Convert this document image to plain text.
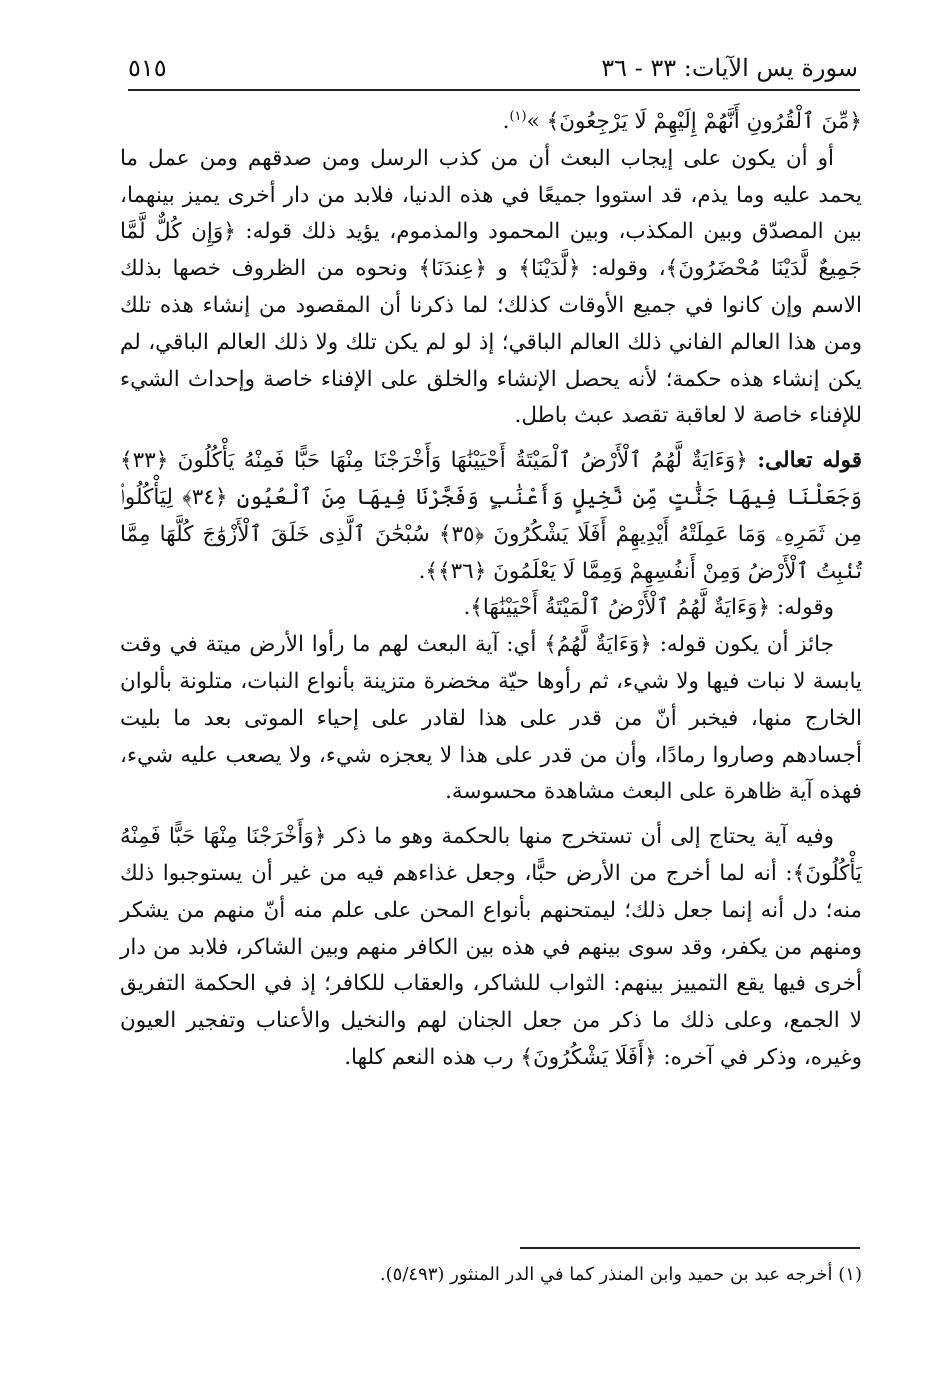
سورة يس الآيات: ٣٣ - ٣٦
٥١٥

﴿مِّنَ ٱلْقُرُونِ أَنَّهُمْ إِلَيْهِمْ لَا يَرْجِعُونَ﴾ »$^{(١)}$.

أو أن يكون على إيجاب البعث أن من كذب الرسل ومن صدقهم ومن عمل ما يحمد عليه وما يذم، قد استووا جميعًا في هذه الدنيا، فلابد من دار أخرى يميز بينهما، بين المصدّق وبين المكذب، وبين المحمود والمذموم، يؤيد ذلك قوله: ﴿وَإِن كُلٌّ لَّمَّا جَمِيعٌ لَّدَيْنَا مُحْضَرُونَ﴾، وقوله: ﴿لَّدَيْنَا﴾ و ﴿عِندَنَا﴾ ونحوه من الظروف خصها بذلك الاسم وإن كانوا في جميع الأوقات كذلك؛ لما ذكرنا أن المقصود من إنشاء هذه تلك ومن هذا العالم الفاني ذلك العالم الباقي؛ إذ لو لم يكن تلك ولا ذلك العالم الباقي، لم يكن إنشاء هذه حكمة؛ لأنه يحصل الإنشاء والخلق على الإفناء خاصة وإحداث الشيء للإفناء خاصة لا لعاقبة تقصد عبث باطل.

قوله تعالى: ﴿وَءَايَةٌ لَّهُمُ ٱلْأَرْضُ ٱلْمَيْتَةُ أَحْيَيْنَٰهَا وَأَخْرَجْنَا مِنْهَا حَبًّا فَمِنْهُ يَأْكُلُونَ ﴿٣٣﴾ وَجَعَلْنَا فِيهَا جَنَّٰتٍ مِّن نَّخِيلٍ وَأَعْنَٰبٍ وَفَجَّرْنَا فِيهَا مِنَ ٱلْعُيُونِ ﴿٣٤﴾ لِيَأْكُلُوا۟ مِن ثَمَرِهِۦ وَمَا عَمِلَتْهُ أَيْدِيهِمْ أَفَلَا يَشْكُرُونَ ﴿٣٥﴾ سُبْحَٰنَ ٱلَّذِى خَلَقَ ٱلْأَزْوَٰجَ كُلَّهَا مِمَّا تُنۢبِتُ ٱلْأَرْضُ وَمِنْ أَنفُسِهِمْ وَمِمَّا لَا يَعْلَمُونَ ﴿٣٦﴾﴾.

وقوله: ﴿وَءَايَةٌ لَّهُمُ ٱلْأَرْضُ ٱلْمَيْتَةُ أَحْيَيْنَٰهَا﴾.

جائز أن يكون قوله: ﴿وَءَايَةٌ لَّهُمُ﴾ أي: آية البعث لهم ما رأوا الأرض ميتة في وقت يابسة لا نبات فيها ولا شيء، ثم رأوها حيّة مخضرة متزينة بأنواع النبات، متلونة بألوان الخارج منها، فيخبر أنّ من قدر على هذا لقادر على إحياء الموتى بعد ما بليت أجسادهم وصاروا رمادًا، وأن من قدر على هذا لا يعجزه شيء، ولا يصعب عليه شيء، فهذه آية ظاهرة على البعث مشاهدة محسوسة.

وفيه آية يحتاج إلى أن تستخرج منها بالحكمة وهو ما ذكر ﴿وَأَخْرَجْنَا مِنْهَا حَبًّا فَمِنْهُ يَأْكُلُونَ﴾: أنه لما أخرج من الأرض حبًّا، وجعل غذاءهم فيه من غير أن يستوجبوا ذلك منه؛ دل أنه إنما جعل ذلك؛ ليمتحنهم بأنواع المحن على علم منه أنّ منهم من يشكر ومنهم من يكفر، وقد سوى بينهم في هذه بين الكافر منهم وبين الشاكر، فلابد من دار أخرى فيها يقع التمييز بينهم: الثواب للشاكر، والعقاب للكافر؛ إذ في الحكمة التفريق لا الجمع، وعلى ذلك ما ذكر من جعل الجنان لهم والنخيل والأعناب وتفجير العيون وغيره، وذكر في آخره: ﴿أَفَلَا يَشْكُرُونَ﴾ رب هذه النعم كلها.

(١) أخرجه عبد بن حميد وابن المنذر كما في الدر المنثور (٥/٤٩٣).
